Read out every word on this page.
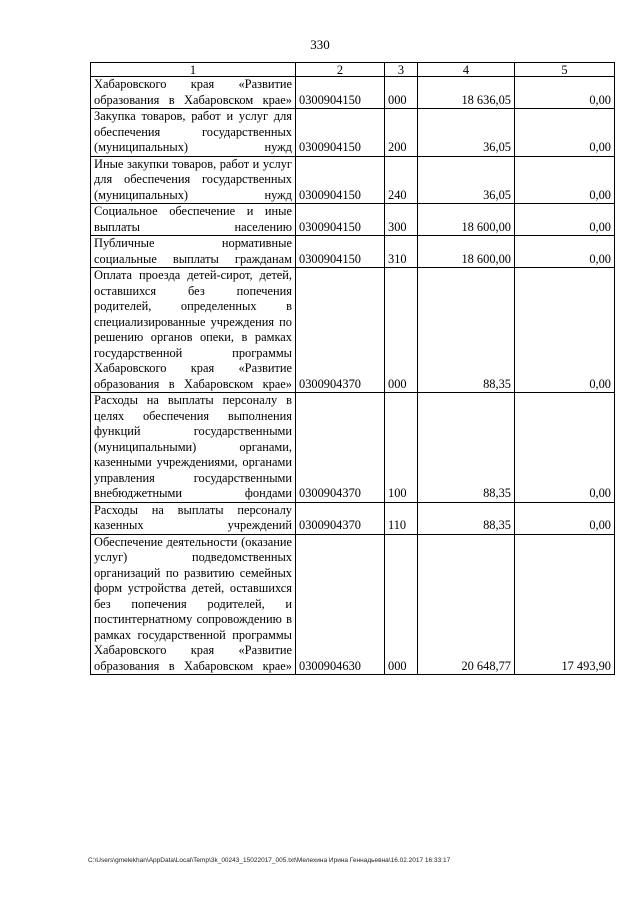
330
1	2	3	4	5
Хабаровского края «Развитие образования в Хабаровском крае»	0300904150	000	18 636,05	0,00
Закупка товаров, работ и услуг для обеспечения государственных (муниципальных) нужд	0300904150	200	36,05	0,00
Иные закупки товаров, работ и услуг для обеспечения государственных (муниципальных) нужд	0300904150	240	36,05	0,00
Социальное обеспечение и иные выплаты населению	0300904150	300	18 600,00	0,00
Публичные нормативные социальные выплаты гражданам	0300904150	310	18 600,00	0,00
Оплата проезда детей-сирот, детей, оставшихся без попечения родителей, определенных в специализированные учреждения по решению органов опеки, в рамках государственной программы Хабаровского края «Развитие образования в Хабаровском крае»	0300904370	000	88,35	0,00
Расходы на выплаты персоналу в целях обеспечения выполнения функций государственными (муниципальными) органами, казенными учреждениями, органами управления государственными внебюджетными фондами	0300904370	100	88,35	0,00
Расходы на выплаты персоналу казенных учреждений	0300904370	110	88,35	0,00
Обеспечение деятельности (оказание услуг) подведомственных организаций по развитию семейных форм устройства детей, оставшихся без попечения родителей, и постинтернатному сопровождению в рамках государственной программы Хабаровского края «Развитие образования в Хабаровском крае»	0300904630	000	20 648,77	17 493,90
C:\Users\gmelekhan\AppData\Local\Temp\3k_00243_15022017_005.txt\Мелехина Ирина Геннадьевна\16.02.2017 16:33:17
